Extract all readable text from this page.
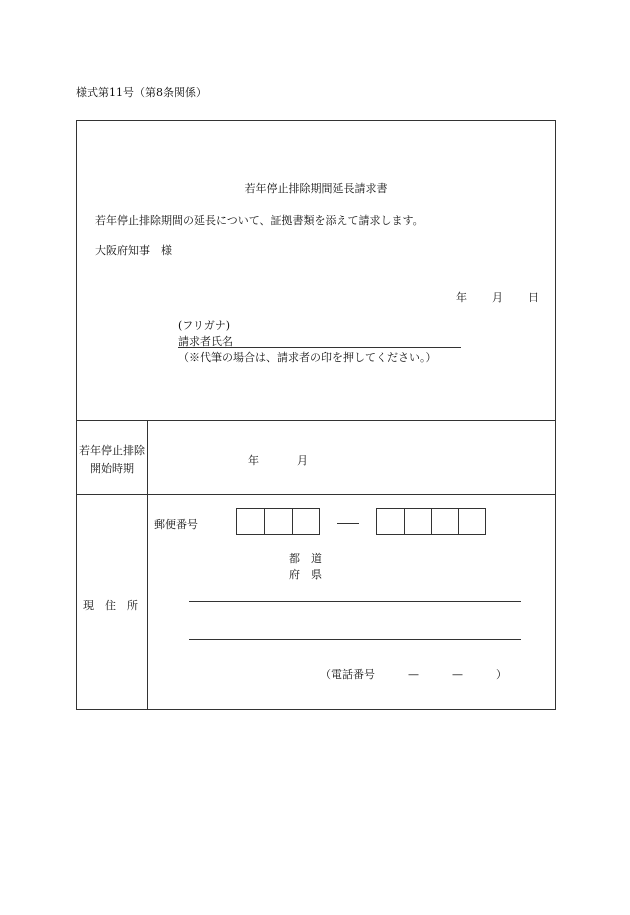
様式第11号（第8条関係）
若年停止排除期間延長請求書
若年停止排除期間の延長について、証拠書類を添えて請求します。
大阪府知事　様
年 月 日
(フリガナ)
請求者氏名
（※代筆の場合は、請求者の印を押してください。）
若年停止排除開始時期
年	月
郵便番号
都　道
府　県
現　住　所
（電話番号　　　—　　　—　　　）
